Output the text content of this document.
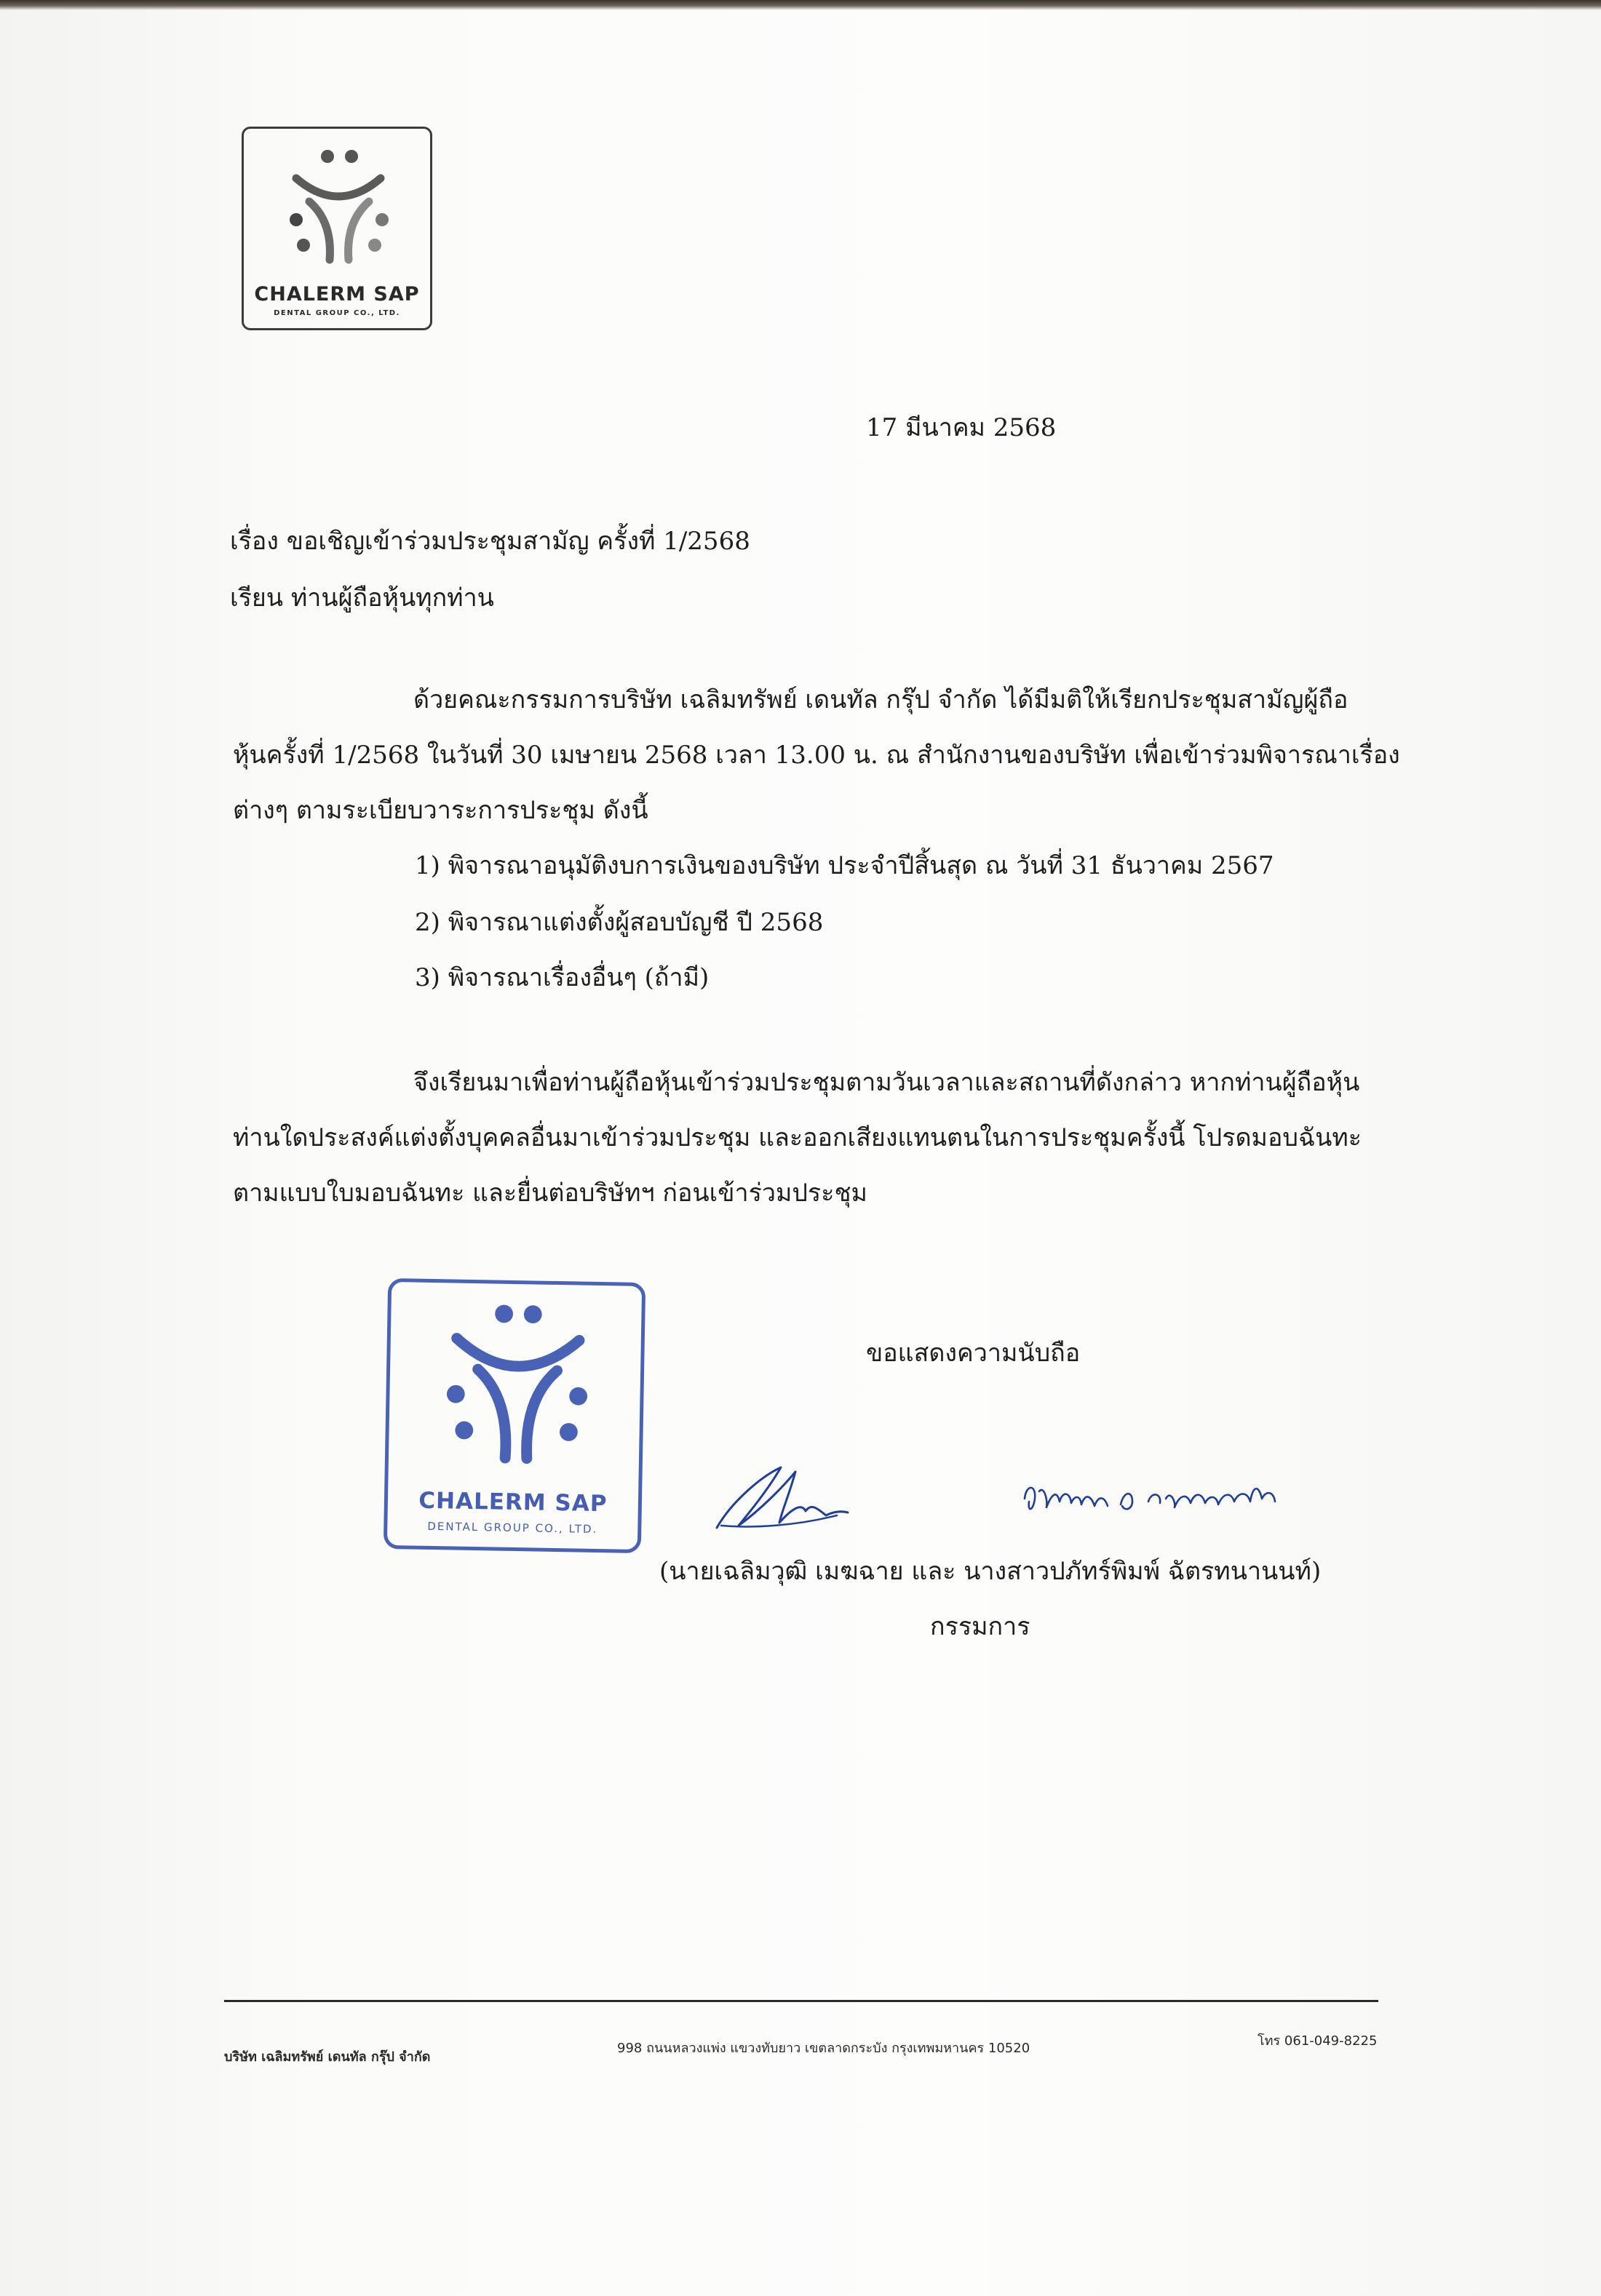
CHALERM SAP
DENTAL GROUP CO., LTD.
17 มีนาคม 2568
เรื่อง ขอเชิญเข้าร่วมประชุมสามัญ ครั้งที่ 1/2568
เรียน ท่านผู้ถือหุ้นทุกท่าน
ด้วยคณะกรรมการบริษัท เฉลิมทรัพย์ เดนทัล กรุ๊ป จำกัด ได้มีมติให้เรียกประชุมสามัญผู้ถือ
หุ้นครั้งที่ 1/2568 ในวันที่ 30 เมษายน 2568 เวลา 13.00 น. ณ สำนักงานของบริษัท เพื่อเข้าร่วมพิจารณาเรื่อง
ต่างๆ ตามระเบียบวาระการประชุม ดังนี้
1) พิจารณาอนุมัติงบการเงินของบริษัท ประจำปีสิ้นสุด ณ วันที่ 31 ธันวาคม 2567
2) พิจารณาแต่งตั้งผู้สอบบัญชี ปี 2568
3) พิจารณาเรื่องอื่นๆ (ถ้ามี)
จึงเรียนมาเพื่อท่านผู้ถือหุ้นเข้าร่วมประชุมตามวันเวลาและสถานที่ดังกล่าว หากท่านผู้ถือหุ้น
ท่านใดประสงค์แต่งตั้งบุคคลอื่นมาเข้าร่วมประชุม และออกเสียงแทนตนในการประชุมครั้งนี้ โปรดมอบฉันทะ
ตามแบบใบมอบฉันทะ และยื่นต่อบริษัทฯ ก่อนเข้าร่วมประชุม
CHALERM SAP
DENTAL GROUP CO., LTD.
ขอแสดงความนับถือ
(นายเฉลิมวุฒิ เมฆฉาย และ นางสาวปภัทร์พิมพ์ ฉัตรทนานนท์)
กรรมการ
บริษัท เฉลิมทรัพย์ เดนทัล กรุ๊ป จำกัด
998 ถนนหลวงแพ่ง แขวงทับยาว เขตลาดกระบัง กรุงเทพมหานคร 10520	โทร 061-049-8225
